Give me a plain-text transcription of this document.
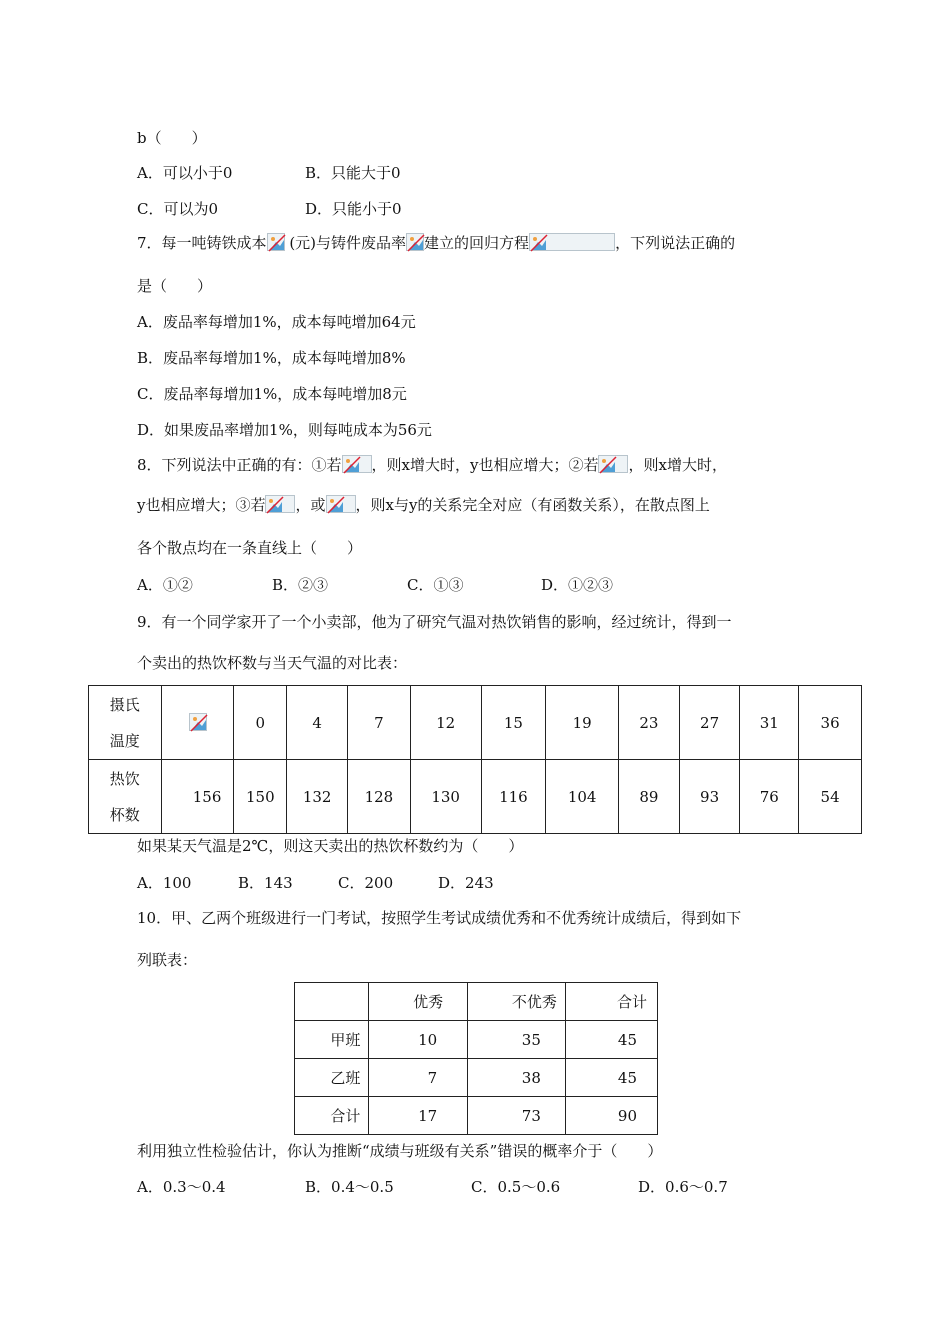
b（　　）
A．可以小于0	B．只能大于0
C．可以为0	D．只能小于0
7．每一吨铸铁成本 (元)与铸件废品率 建立的回归方程	，下列说法正确的
是（　　）
A．废品率每增加1%，成本每吨增加64元
B．废品率每增加1%，成本每吨增加8%
C．废品率每增加1%，成本每吨增加8元
D．如果废品率增加1%，则每吨成本为56元
8．下列说法中正确的有：①若 ，则x增大时，y也相应增大；②若 ，则x增大时，
y也相应增大；③若 ，或 ，则x与y的关系完全对应（有函数关系），在散点图上
各个散点均在一条直线上（　　）
A．①②	B．②③	C．①③	D．①②③
9．有一个同学家开了一个小卖部，他为了研究气温对热饮销售的影响，经过统计，得到一
个卖出的热饮杯数与当天气温的对比表：
摄氏
温度		0	4	7	12	15	19	23	27	31	36

热饮
杯数	156	150	132	128	130	116	104	89	93	76	54
如果某天气温是2℃，则这天卖出的热饮杯数约为（　　）
A．100	B．143	C．200	D．243
10．甲、乙两个班级进行一门考试，按照学生考试成绩优秀和不优秀统计成绩后，得到如下
列联表：
	优秀	不优秀	合计
甲班	10	35	45
乙班	7	38	45
合计	17	73	90
利用独立性检验估计，你认为推断“成绩与班级有关系”错误的概率介于（　　）
A．0.3～0.4	B．0.4～0.5	C．0.5～0.6	D．0.6～0.7
